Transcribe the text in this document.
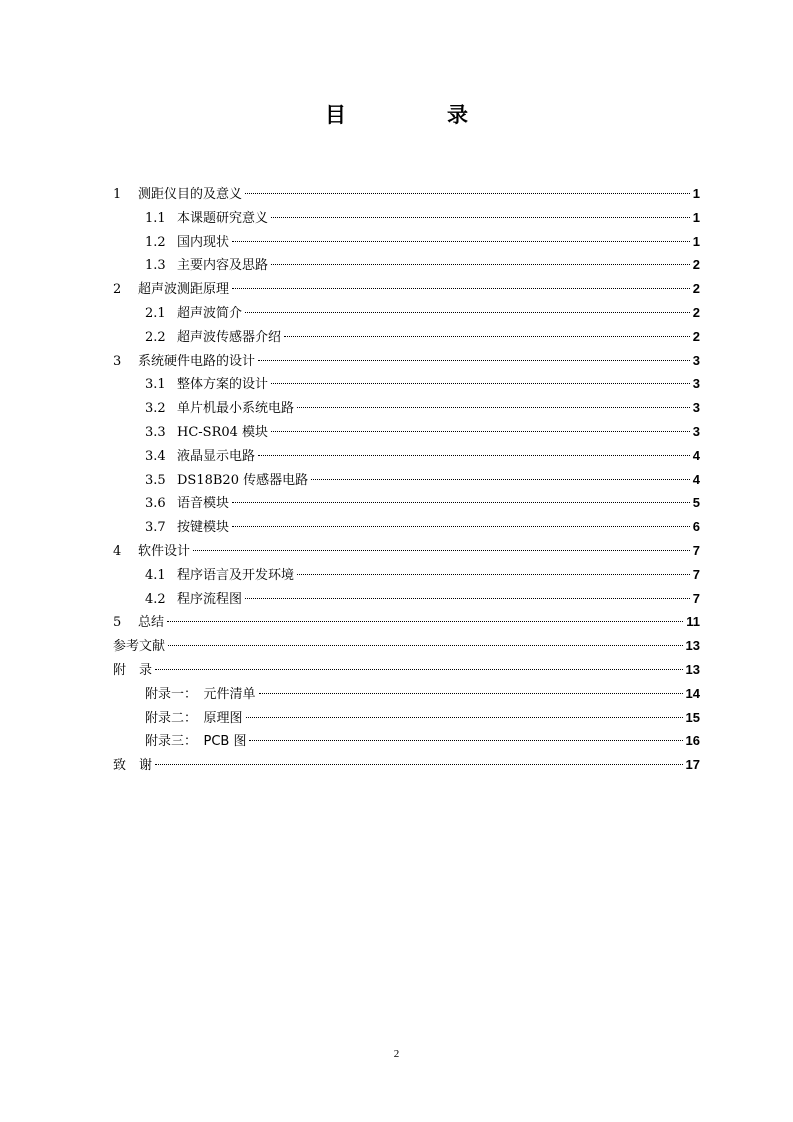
目　录
1	测距仪目的及意义	1
1.1 本课题研究意义	1
1.2 国内现状	1
1.3 主要内容及思路	2
2	超声波测距原理	2
2.1 超声波简介	2
2.2 超声波传感器介绍	2
3	系统硬件电路的设计	3
3.1 整体方案的设计	3
3.2 单片机最小系统电路	3
3.3 HC-SR04 模块	3
3.4 液晶显示电路	4
3.5 DS18B20 传感器电路	4
3.6 语音模块	5
3.7 按键模块	6
4	软件设计	7
4.1 程序语言及开发环境	7
4.2 程序流程图	7
5	总结	11
参考文献	13
附　录	13
附录一：　元件清单	14
附录二：　原理图	15
附录三：　PCB 图	16
致　谢	17
2
